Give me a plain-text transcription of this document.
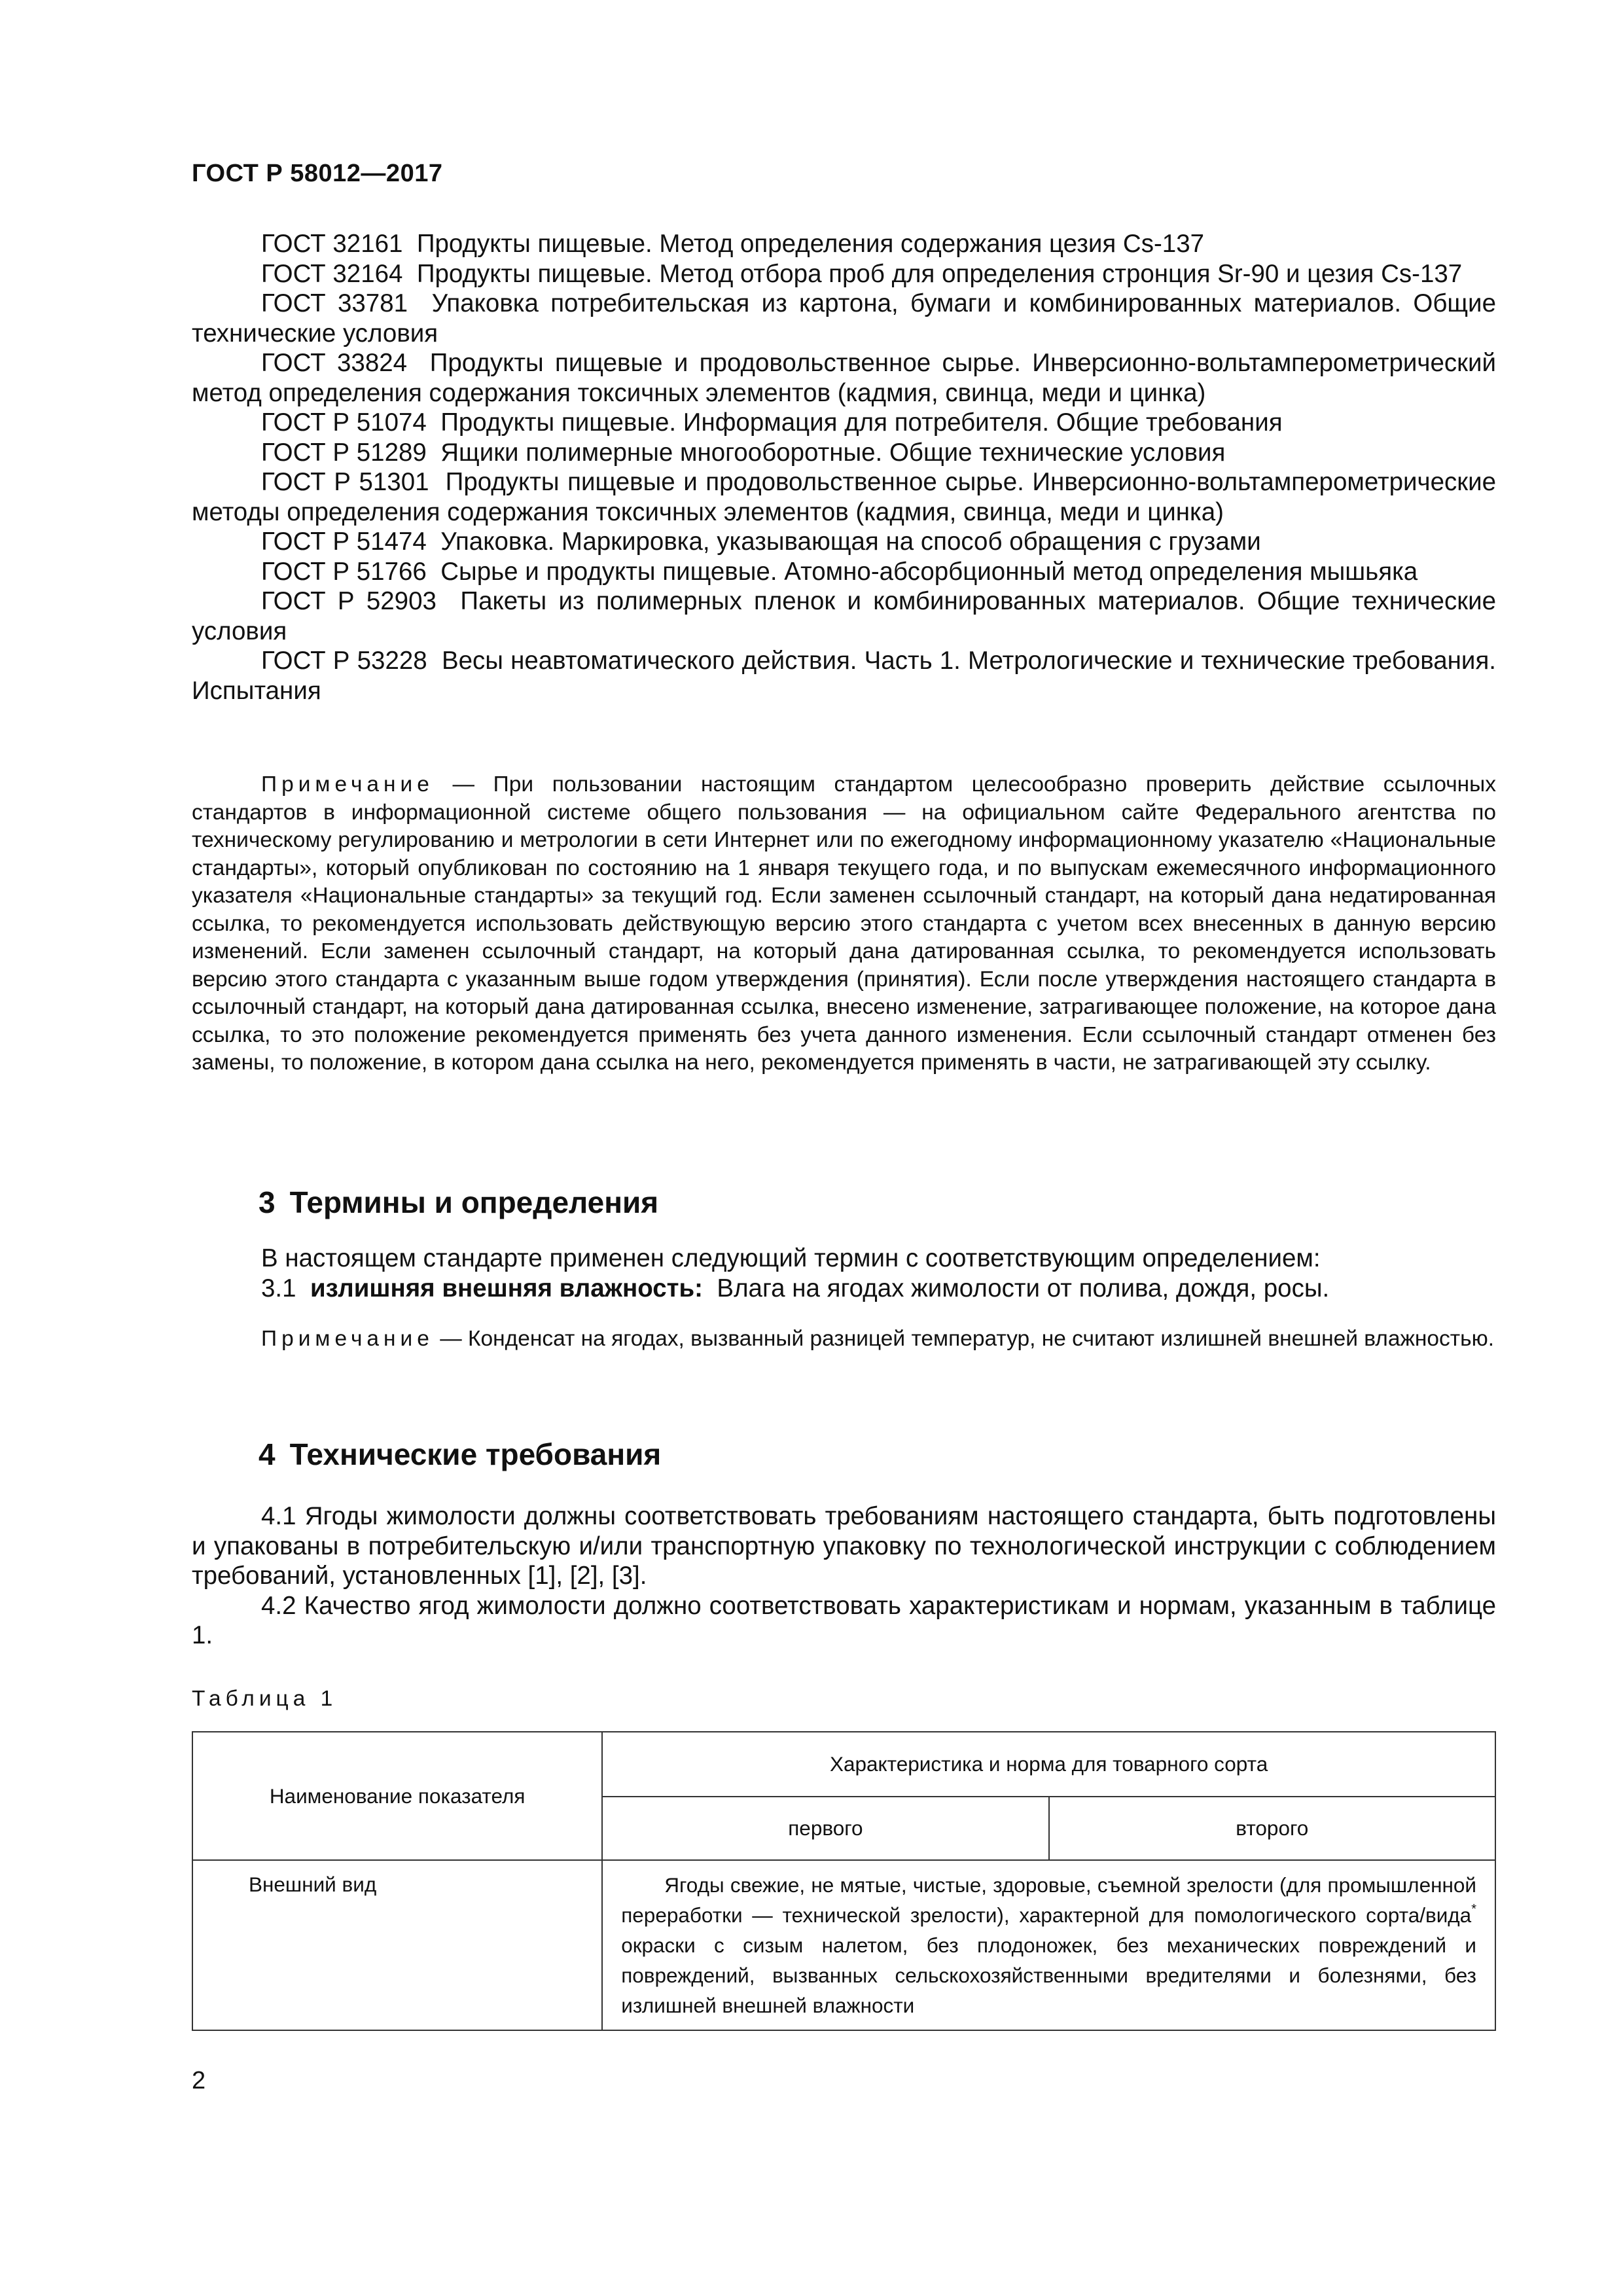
ГОСТ Р 58012—2017

ГОСТ 32161 Продукты пищевые. Метод определения содержания цезия Cs-137

ГОСТ 32164 Продукты пищевые. Метод отбора проб для определения стронция Sr-90 и цезия Cs-137

ГОСТ 33781 Упаковка потребительская из картона, бумаги и комбинированных материалов. Общие технические условия

ГОСТ 33824 Продукты пищевые и продовольственное сырье. Инверсионно-вольтамперометрический метод определения содержания токсичных элементов (кадмия, свинца, меди и цинка)

ГОСТ Р 51074 Продукты пищевые. Информация для потребителя. Общие требования

ГОСТ Р 51289 Ящики полимерные многооборотные. Общие технические условия

ГОСТ Р 51301 Продукты пищевые и продовольственное сырье. Инверсионно-вольтамперометрические методы определения содержания токсичных элементов (кадмия, свинца, меди и цинка)

ГОСТ Р 51474 Упаковка. Маркировка, указывающая на способ обращения с грузами

ГОСТ Р 51766 Сырье и продукты пищевые. Атомно-абсорбционный метод определения мышьяка

ГОСТ Р 52903 Пакеты из полимерных пленок и комбинированных материалов. Общие технические условия

ГОСТ Р 53228 Весы неавтоматического действия. Часть 1. Метрологические и технические требования. Испытания

Примечание — При пользовании настоящим стандартом целесообразно проверить действие ссылочных стандартов в информационной системе общего пользования — на официальном сайте Федерального агентства по техническому регулированию и метрологии в сети Интернет или по ежегодному информационному указателю «Национальные стандарты», который опубликован по состоянию на 1 января текущего года, и по выпускам ежемесячного информационного указателя «Национальные стандарты» за текущий год. Если заменен ссылочный стандарт, на который дана недатированная ссылка, то рекомендуется использовать действующую версию этого стандарта с учетом всех внесенных в данную версию изменений. Если заменен ссылочный стандарт, на который дана датированная ссылка, то рекомендуется использовать версию этого стандарта с указанным выше годом утверждения (принятия). Если после утверждения настоящего стандарта в ссылочный стандарт, на который дана датированная ссылка, внесено изменение, затрагивающее положение, на которое дана ссылка, то это положение рекомендуется применять без учета данного изменения. Если ссылочный стандарт отменен без замены, то положение, в котором дана ссылка на него, рекомендуется применять в части, не затрагивающей эту ссылку.

3 Термины и определения

В настоящем стандарте применен следующий термин с соответствующим определением:

3.1 излишняя внешняя влажность: Влага на ягодах жимолости от полива, дождя, росы.

Примечание — Конденсат на ягодах, вызванный разницей температур, не считают излишней внешней влажностью.

4 Технические требования

4.1 Ягоды жимолости должны соответствовать требованиям настоящего стандарта, быть подготовлены и упакованы в потребительскую и/или транспортную упаковку по технологической инструкции с соблюдением требований, установленных [1], [2], [3].

4.2 Качество ягод жимолости должно соответствовать характеристикам и нормам, указанным в таблице 1.

Таблица 1
Наименование показателя	Характеристика и норма для товарного сорта	
	первого	второго
Внешний вид	Ягоды свежие, не мятые, чистые, здоровые, съемной зрелости (для промышленной переработки — технической зрелости), характерной для помологического сорта/вида* окраски с сизым налетом, без плодоножек, без механических повреждений и повреждений, вызванных сельскохозяйственными вредителями и болезнями, без излишней внешней влажности	
2
